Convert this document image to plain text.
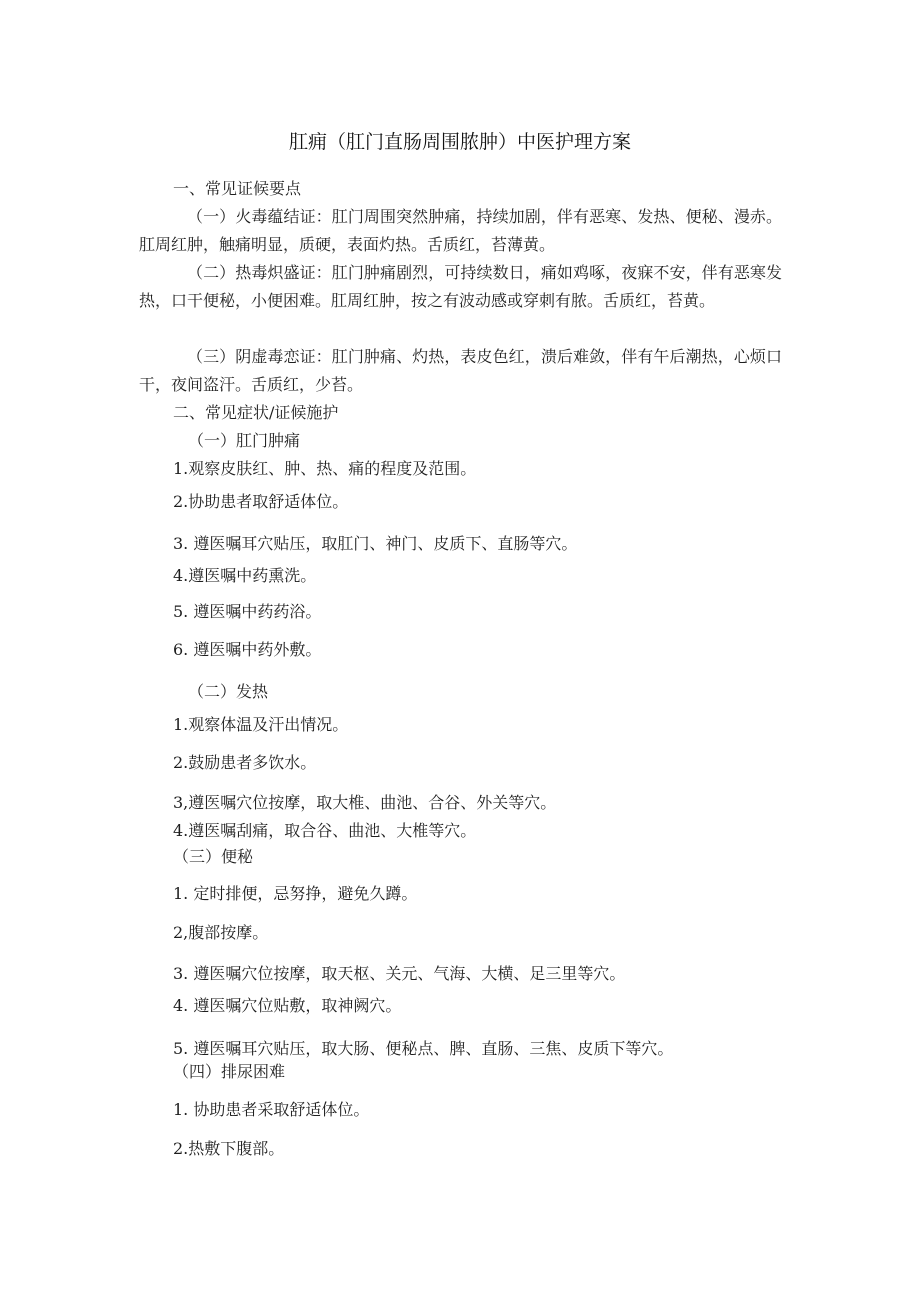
肛痈（肛门直肠周围脓肿）中医护理方案
一、常见证候要点
（一）火毒蕴结证：肛门周围突然肿痛，持续加剧，伴有恶寒、发热、便秘、漫赤。肛周红肿，触痛明显，质硬，表面灼热。舌质红，苔薄黄。
（二）热毒炽盛证：肛门肿痛剧烈，可持续数日，痛如鸡啄，夜寐不安，伴有恶寒发热，口干便秘，小便困难。肛周红肿，按之有波动感或穿刺有脓。舌质红，苔黄。
（三）阴虚毒恋证：肛门肿痛、灼热，表皮色红，溃后难敛，伴有午后潮热，心烦口干，夜间盗汗。舌质红，少苔。
二、常见症状/证候施护
（一）肛门肿痛
1.观察皮肤红、肿、热、痛的程度及范围。
2.协助患者取舒适体位。
3. 遵医嘱耳穴贴压，取肛门、神门、皮质下、直肠等穴。
4.遵医嘱中药熏洗。
5. 遵医嘱中药药浴。
6. 遵医嘱中药外敷。
（二）发热
1.观察体温及汗出情况。
2.鼓励患者多饮水。
3,遵医嘱穴位按摩，取大椎、曲池、合谷、外关等穴。
4.遵医嘱刮痛，取合谷、曲池、大椎等穴。
（三）便秘
1. 定时排便，忌努挣，避免久蹲。
2,腹部按摩。
3. 遵医嘱穴位按摩，取天枢、关元、气海、大横、足三里等穴。
4. 遵医嘱穴位贴敷，取神阙穴。
5. 遵医嘱耳穴贴压，取大肠、便秘点、脾、直肠、三焦、皮质下等穴。
（四）排尿困难
1. 协助患者采取舒适体位。
2.热敷下腹部。
